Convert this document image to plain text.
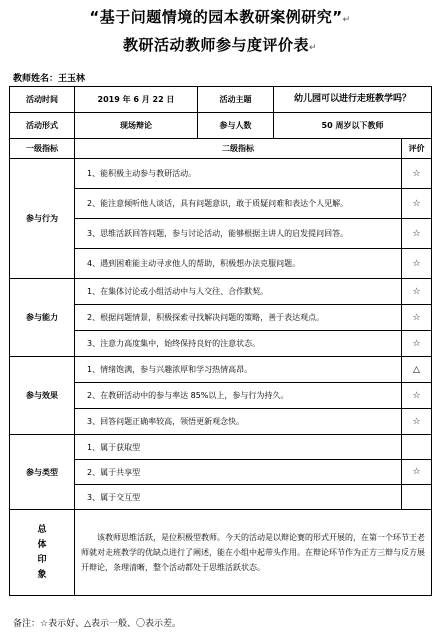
“基于问题情境的园本教研案例研究”↵
教研活动教师参与度评价表↵
教师姓名：王玉林
活动时间	2019 年 6 月 22 日	活动主题	幼儿园可以进行走班教学吗？	
活动形式	现场辩论	参与人数	50 周岁以下教师	
一级指标	二级指标			评价
参与行为	1、能积极主动参与教研活动。			☆
	2、能注意倾听他人谈话，具有问题意识，敢于质疑问难和表达个人见解。			☆
	3、思维活跃回答问题，参与讨论活动，能够根据主讲人的启发提问回答。			☆
	4、遇到困难能主动寻求他人的帮助，积极想办法克服问题。			☆
参与能力	1、在集体讨论或小组活动中与人交往、合作默契。			☆
	2、根据问题情景，积极探索寻找解决问题的策略，善于表达观点。			☆
	3、注意力高度集中，始终保持良好的注意状态。			☆
参与效果	1、情绪饱满，参与兴趣浓厚和学习热情高昂。			△
	2、在教研活动中的参与率达 85%以上，参与行为持久。			☆
	3、回答问题正确率较高，领悟更新观念快。			☆
参与类型	1、属于获取型			
	2、属于共享型			☆
	3、属于交互型			
总
体
印
象	该教师思维活跃，是位积极型教师。今天的活动是以辩论赛的形式开展的，在第一个环节王老师就对走班教学的优缺点进行了阐述，能在小组中起带头作用。在辩论环节作为正方三辩与反方展开辩论，条理清晰，整个活动都处于思维活跃状态。			
备注：☆表示好、△表示一般、〇表示差。
